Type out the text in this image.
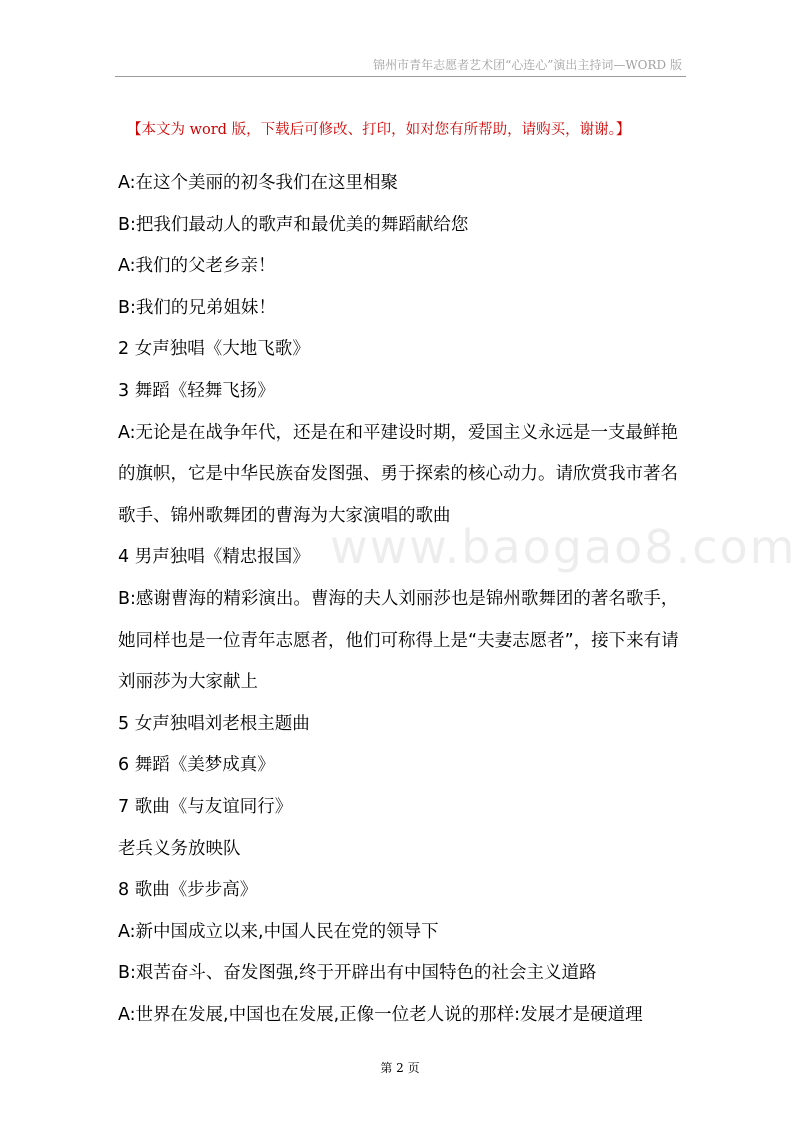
锦州市青年志愿者艺术团“心连心”演出主持词—WORD 版
【本文为 word 版，下载后可修改、打印，如对您有所帮助，请购买，谢谢。】
www.baogao8.com

A:在这个美丽的初冬我们在这里相聚

B:把我们最动人的歌声和最优美的舞蹈献给您

A:我们的父老乡亲！

B:我们的兄弟姐妹！

2 女声独唱《大地飞歌》

3 舞蹈《轻舞飞扬》

A:无论是在战争年代，还是在和平建设时期，爱国主义永远是一支最鲜艳的旗帜，它是中华民族奋发图强、勇于探索的核心动力。请欣赏我市著名歌手、锦州歌舞团的曹海为大家演唱的歌曲

4 男声独唱《精忠报国》

B:感谢曹海的精彩演出。曹海的夫人刘丽莎也是锦州歌舞团的著名歌手，她同样也是一位青年志愿者，他们可称得上是“夫妻志愿者”，接下来有请刘丽莎为大家献上

5 女声独唱刘老根主题曲

6 舞蹈《美梦成真》

7 歌曲《与友谊同行》

老兵义务放映队

8 歌曲《步步高》

A:新中国成立以来,中国人民在党的领导下

B:艰苦奋斗、奋发图强,终于开辟出有中国特色的社会主义道路

A:世界在发展,中国也在发展,正像一位老人说的那样:发展才是硬道理

第 2 页
